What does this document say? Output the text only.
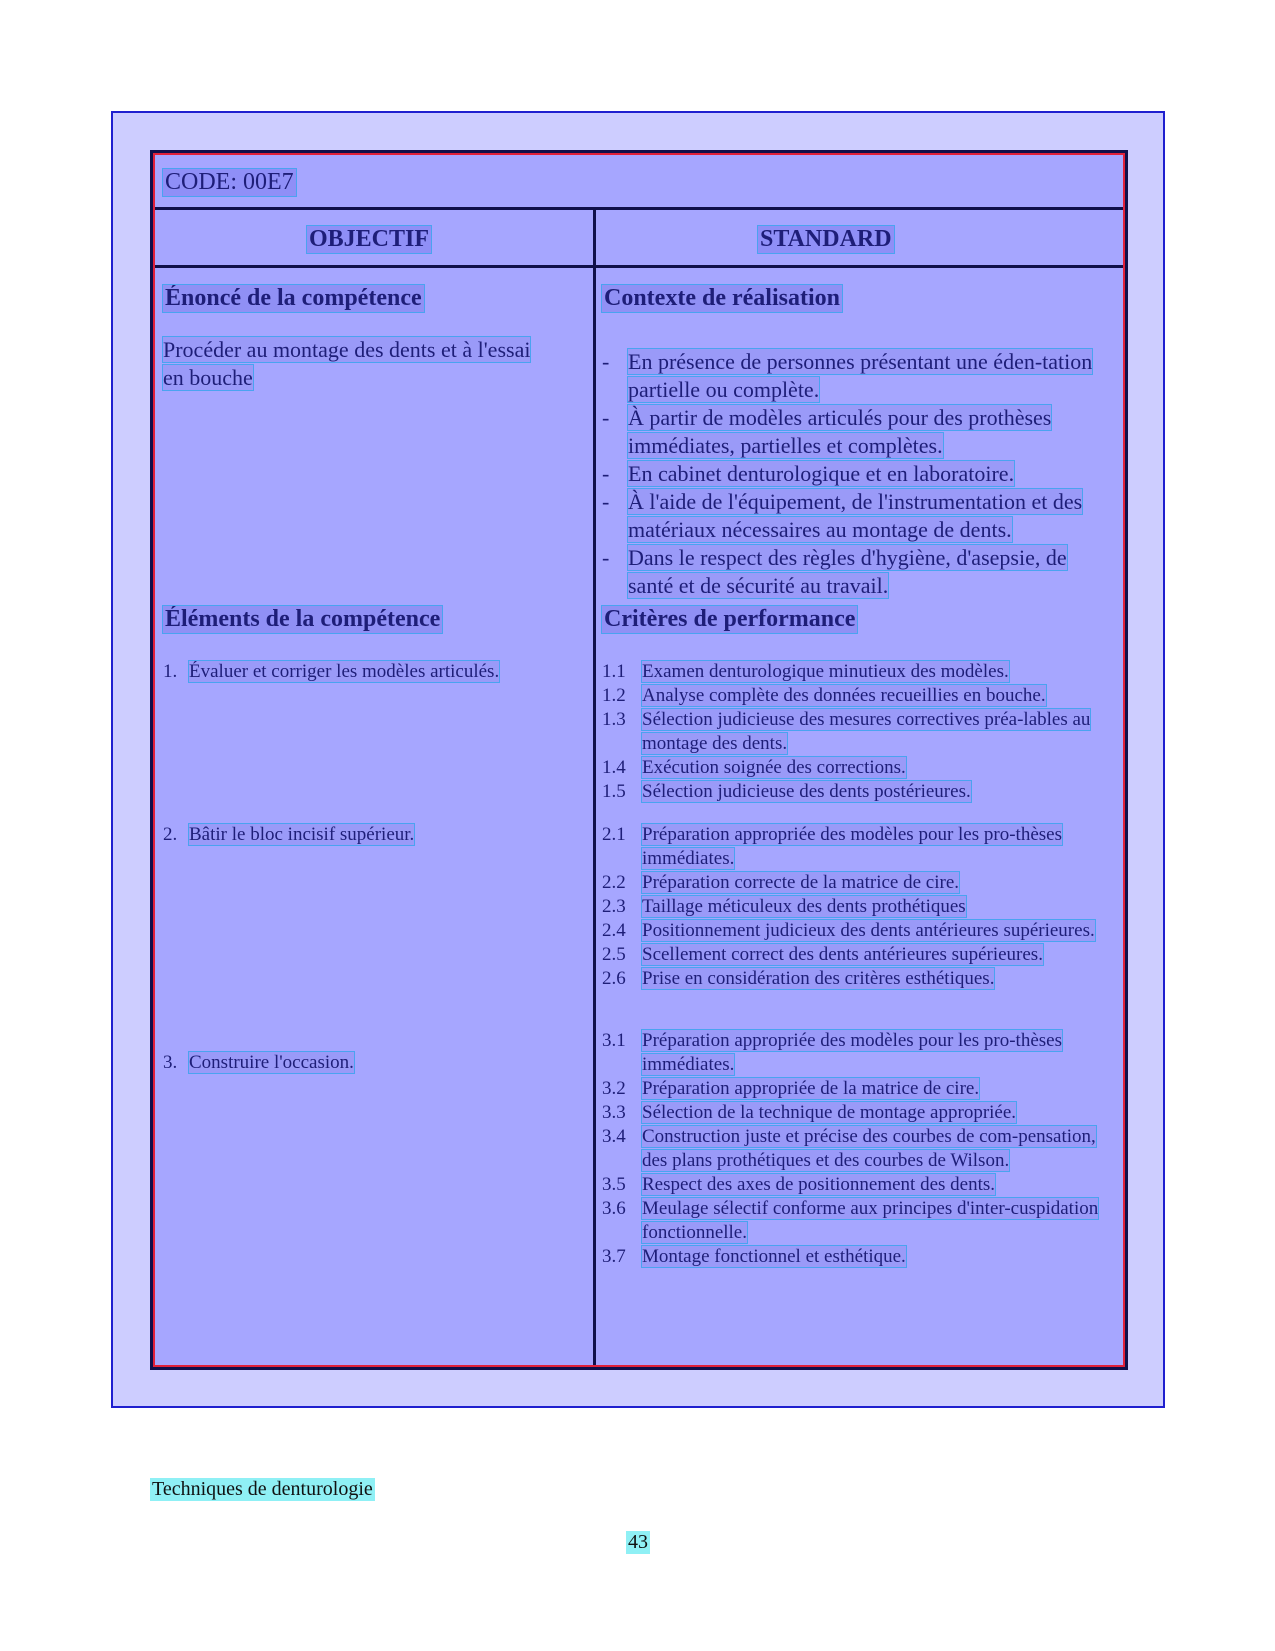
CODE: 00E7
OBJECTIF	STANDARD
Énoncé de la compétence
Procéder au montage des dents et à l'essai
en bouche
Éléments de la compétence
1. Évaluer et corriger les modèles articulés.
2. Bâtir le bloc incisif supérieur.
3. Construire l'occasion.
Contexte de réalisation
- En présence de personnes présentant une éden-tation partielle ou complète.
- À partir de modèles articulés pour des prothèses immédiates, partielles et complètes.
- En cabinet denturologique et en laboratoire.
- À l'aide de l'équipement, de l'instrumentation et des matériaux nécessaires au montage de dents.
- Dans le respect des règles d'hygiène, d'asepsie, de santé et de sécurité au travail.
Critères de performance
1.1 Examen denturologique minutieux des modèles.
1.2 Analyse complète des données recueillies en bouche.
1.3 Sélection judicieuse des mesures correctives préa-lables au montage des dents.
1.4 Exécution soignée des corrections.
1.5 Sélection judicieuse des dents postérieures.
2.1 Préparation appropriée des modèles pour les pro-thèses immédiates.
2.2 Préparation correcte de la matrice de cire.
2.3 Taillage méticuleux des dents prothétiques
2.4 Positionnement judicieux des dents antérieures supérieures.
2.5 Scellement correct des dents antérieures supérieures.
2.6 Prise en considération des critères esthétiques.
3.1 Préparation appropriée des modèles pour les pro-thèses immédiates.
3.2 Préparation appropriée de la matrice de cire.
3.3 Sélection de la technique de montage appropriée.
3.4 Construction juste et précise des courbes de com-pensation, des plans prothétiques et des courbes de Wilson.
3.5 Respect des axes de positionnement des dents.
3.6 Meulage sélectif conforme aux principes d'inter-cuspidation fonctionnelle.
3.7 Montage fonctionnel et esthétique.
Techniques de denturologie
43
